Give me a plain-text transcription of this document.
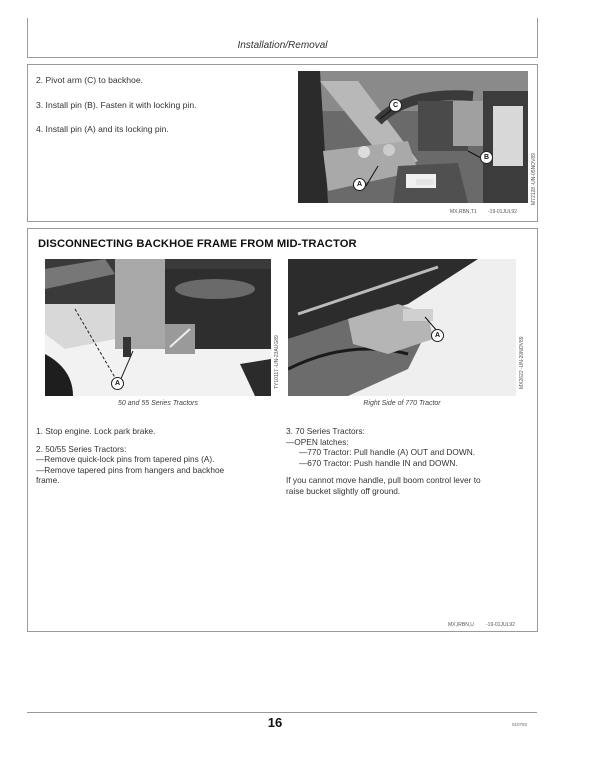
Installation/Removal
2. Pivot arm (C) to backhoe.
3. Install pin (B). Fasten it with locking pin.
4. Install pin (A) and its locking pin.
A
C
B	M72128 -UN-05NOV89
MX,RBN,T1 -19-01JUL92
DISCONNECTING BACKHOE FRAME FROM MID-TRACTOR
A	TY10117 -UN-23AUG89
50 and 55 Series Tractors
A
MX2622 -UN-20NOV89
Right Side of 770 Tractor
1. Stop engine. Lock park brake.
2. 50/55 Series Tractors:
—Remove quick-lock pins from tapered pins (A).
—Remove tapered pins from hangers and backhoe
frame.
3. 70 Series Tractors:
—OPEN latches:
—770 Tractor: Pull handle (A) OUT and DOWN.
—670 Tractor: Push handle IN and DOWN.
If you cannot move handle, pull boom control lever to
raise bucket slightly off ground.
MX,IRBN,U -19-01JUL92
16	010792
